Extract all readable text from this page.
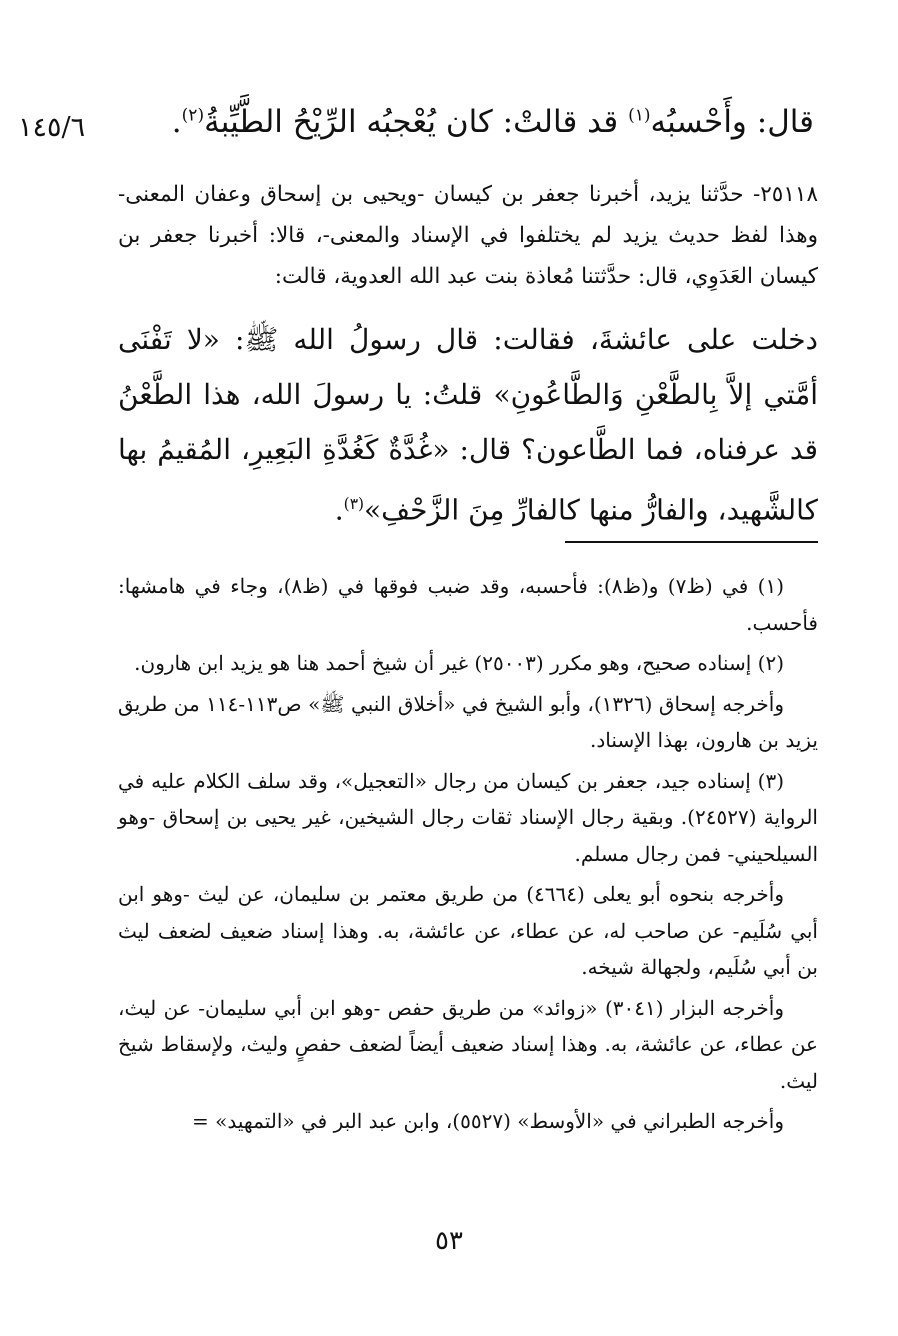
١٤٥/٦	قال: وأَحْسبُه$^{(١)}$ قد قالتْ: كان يُعْجبُه الرِّيْحُ الطَّيِّبةُ$^{(٢)}$.
٢٥١١٨- حدَّثنا يزيد، أخبرنا جعفر بن كيسان -ويحيى بن إسحاق وعفان المعنى- وهذا لفظ حديث يزيد لم يختلفوا في الإسناد والمعنى-، قالا: أخبرنا جعفر بن كيسان العَدَوِي، قال: حدَّثتنا مُعاذة بنت عبد الله العدوية، قالت:
دخلت على عائشةَ، فقالت: قال رسولُ الله ﷺ: «لا تَفْنَى أمَّتي إلاَّ بِالطَّعْنِ وَالطَّاعُونِ» قلتُ: يا رسولَ الله، هذا الطَّعْنُ قد عرفناه، فما الطَّاعون؟ قال: «غُدَّةٌ كَغُدَّةِ البَعِيرِ، المُقيمُ بها كالشَّهيد، والفارُّ منها كالفارِّ مِنَ الزَّحْفِ»$^{(٣)}$.

(١) في (ظ٧) و(ظ٨): فأحسبه، وقد ضبب فوقها في (ظ٨)، وجاء في هامشها: فأحسب.

(٢) إسناده صحيح، وهو مكرر (٢٥٠٠٣) غير أن شيخ أحمد هنا هو يزيد ابن هارون.

وأخرجه إسحاق (١٣٢٦)، وأبو الشيخ في «أخلاق النبي ﷺ» ص١١٣-١١٤ من طريق يزيد بن هارون، بهذا الإسناد.

(٣) إسناده جيد، جعفر بن كيسان من رجال «التعجيل»، وقد سلف الكلام عليه في الرواية (٢٤٥٢٧). وبقية رجال الإسناد ثقات رجال الشيخين، غير يحيى بن إسحاق -وهو السيلحيني- فمن رجال مسلم.

وأخرجه بنحوه أبو يعلى (٤٦٦٤) من طريق معتمر بن سليمان، عن ليث -وهو ابن أبي سُلَيم- عن صاحب له، عن عطاء، عن عائشة، به. وهذا إسناد ضعيف لضعف ليث بن أبي سُلَيم، ولجهالة شيخه.

وأخرجه البزار (٣٠٤١) «زوائد» من طريق حفص -وهو ابن أبي سليمان- عن ليث، عن عطاء، عن عائشة، به. وهذا إسناد ضعيف أيضاً لضعف حفصٍ وليث، ولإسقاط شيخ ليث.

وأخرجه الطبراني في «الأوسط» (٥٥٢٧)، وابن عبد البر في «التمهيد» =

٥٣
